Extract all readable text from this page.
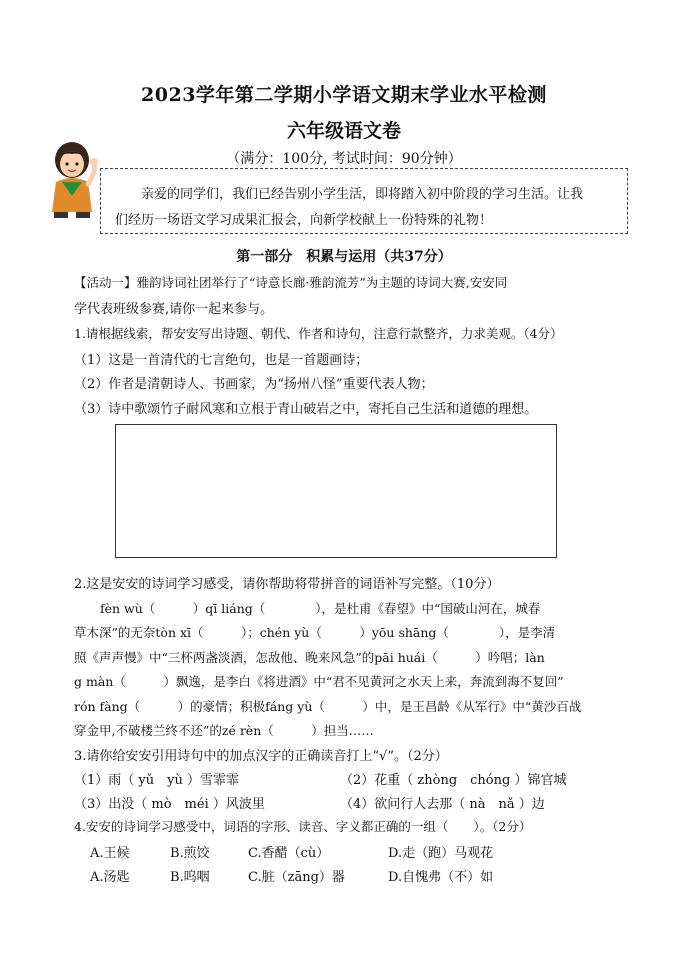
2023学年第二学期小学语文期末学业水平检测
六年级语文卷
（满分：100分, 考试时间：90分钟）
亲爱的同学们，我们已经告别小学生活，即将踏入初中阶段的学习生活。让我
们经历一场语文学习成果汇报会，向新学校献上一份特殊的礼物！
第一部分　积累与运用（共37分）
【活动一】雅韵诗词社团举行了“诗意长廊·雅韵流芳”为主题的诗词大赛,安安同
学代表班级参赛,请你一起来参与。
1.请根据线索，帮安安写出诗题、朝代、作者和诗句，注意行款整齐，力求美观。（4分）
（1）这是一首清代的七言绝句，也是一首题画诗；
（2）作者是清朝诗人、书画家，为“扬州八怪”重要代表人物；
（3）诗中歌颂竹子耐风寒和立根于青山破岩之中，寄托自己生活和道德的理想。
2.这是安安的诗词学习感受，请你帮助将带拼音的词语补写完整。（10分）
fèn wù（　　　）qī liáng（　　　　），是杜甫《春望》中“国破山河在，城春
草木深”的无奈tòn xī（　　　）；chén yù（　　　）yōu shāng（　　　　），是李清
照《声声慢》中“三杯两盏淡酒，怎敌他、晚来风急”的pāi huái（　　　）吟唱；làn
g màn（　　　）飘逸，是李白《将进酒》中“君不见黄河之水天上来，奔流到海不复回”
rón fàng（　　　）的豪情；积极fáng yù（　　　）中，是王昌龄《从军行》中“黄沙百战
穿金甲,不破楼兰终不还”的zé rèn（　　　）担当……
3.请你给安安引用诗句中的加点汉字的正确读音打上“√”。（2分）
（1）雨（ yǔ　yù ）雪霏霏	（2）花重（ zhòng　chóng ）锦官城
（3）出没（ mò　méi ）风波里	（4）欲问行人去那（ nà　nǎ ）边
4.安安的诗词学习感受中，词语的字形、读音、字义都正确的一组（　　）。（2分）
A.王候	B.煎饺	C.香醋（cù）	D.走（跑）马观花
A.汤匙	B.呜咽	C.脏（zāng）器	D.自愧弗（不）如
